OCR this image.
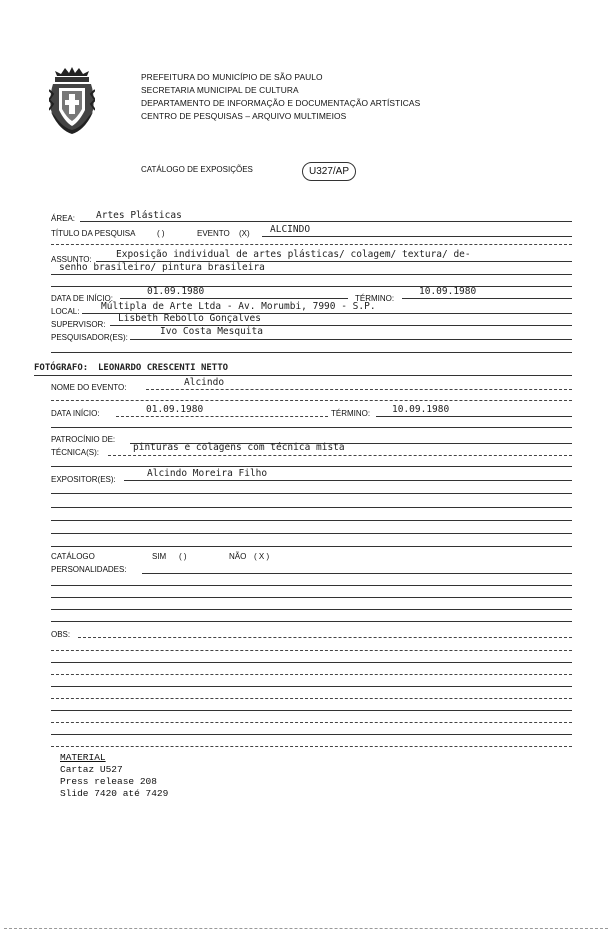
PREFEITURA DO MUNICÍPIO DE SÃO PAULO
SECRETARIA MUNICIPAL DE CULTURA
DEPARTAMENTO DE INFORMAÇÃO E DOCUMENTAÇÃO ARTÍSTICAS
CENTRO DE PESQUISAS – ARQUIVO MULTIMEIOS
CATÁLOGO DE EXPOSIÇÕES	U327/AP
ÁREA: Artes Plásticas
TÍTULO DA PESQUISA	( )	EVENTO (X) ALCINDO
ASSUNTO:	Exposição individual de artes plásticas/ colagem/ textura/ de-
senho brasileiro/ pintura brasileira
DATA DE INÍCIO:
01.09.1980
TÉRMINO:
10.09.1980
LOCAL: Múltipla de Arte Ltda - Av. Morumbi, 7990 - S.P.
SUPERVISOR:
Lisbeth Rebollo Gonçalves
PESQUISADOR(ES):
Ivo Costa Mesquita
FOTÓGRAFO: LEONARDO CRESCENTI NETTO
NOME DO EVENTO:	Alcindo
DATA INÍCIO:	01.09.1980	TÉRMINO: 10.09.1980
PATROCÍNIO DE:
TÉCNICA(S):	pinturas e colagens com técnica mista
EXPOSITOR(ES):
Alcindo Moreira Filho
CATÁLOGO	SIM ( )	NÃO ( X )
PERSONALIDADES:
OBS:
MATERIAL
Cartaz U527
Press release 208
Slide 7420 até 7429
